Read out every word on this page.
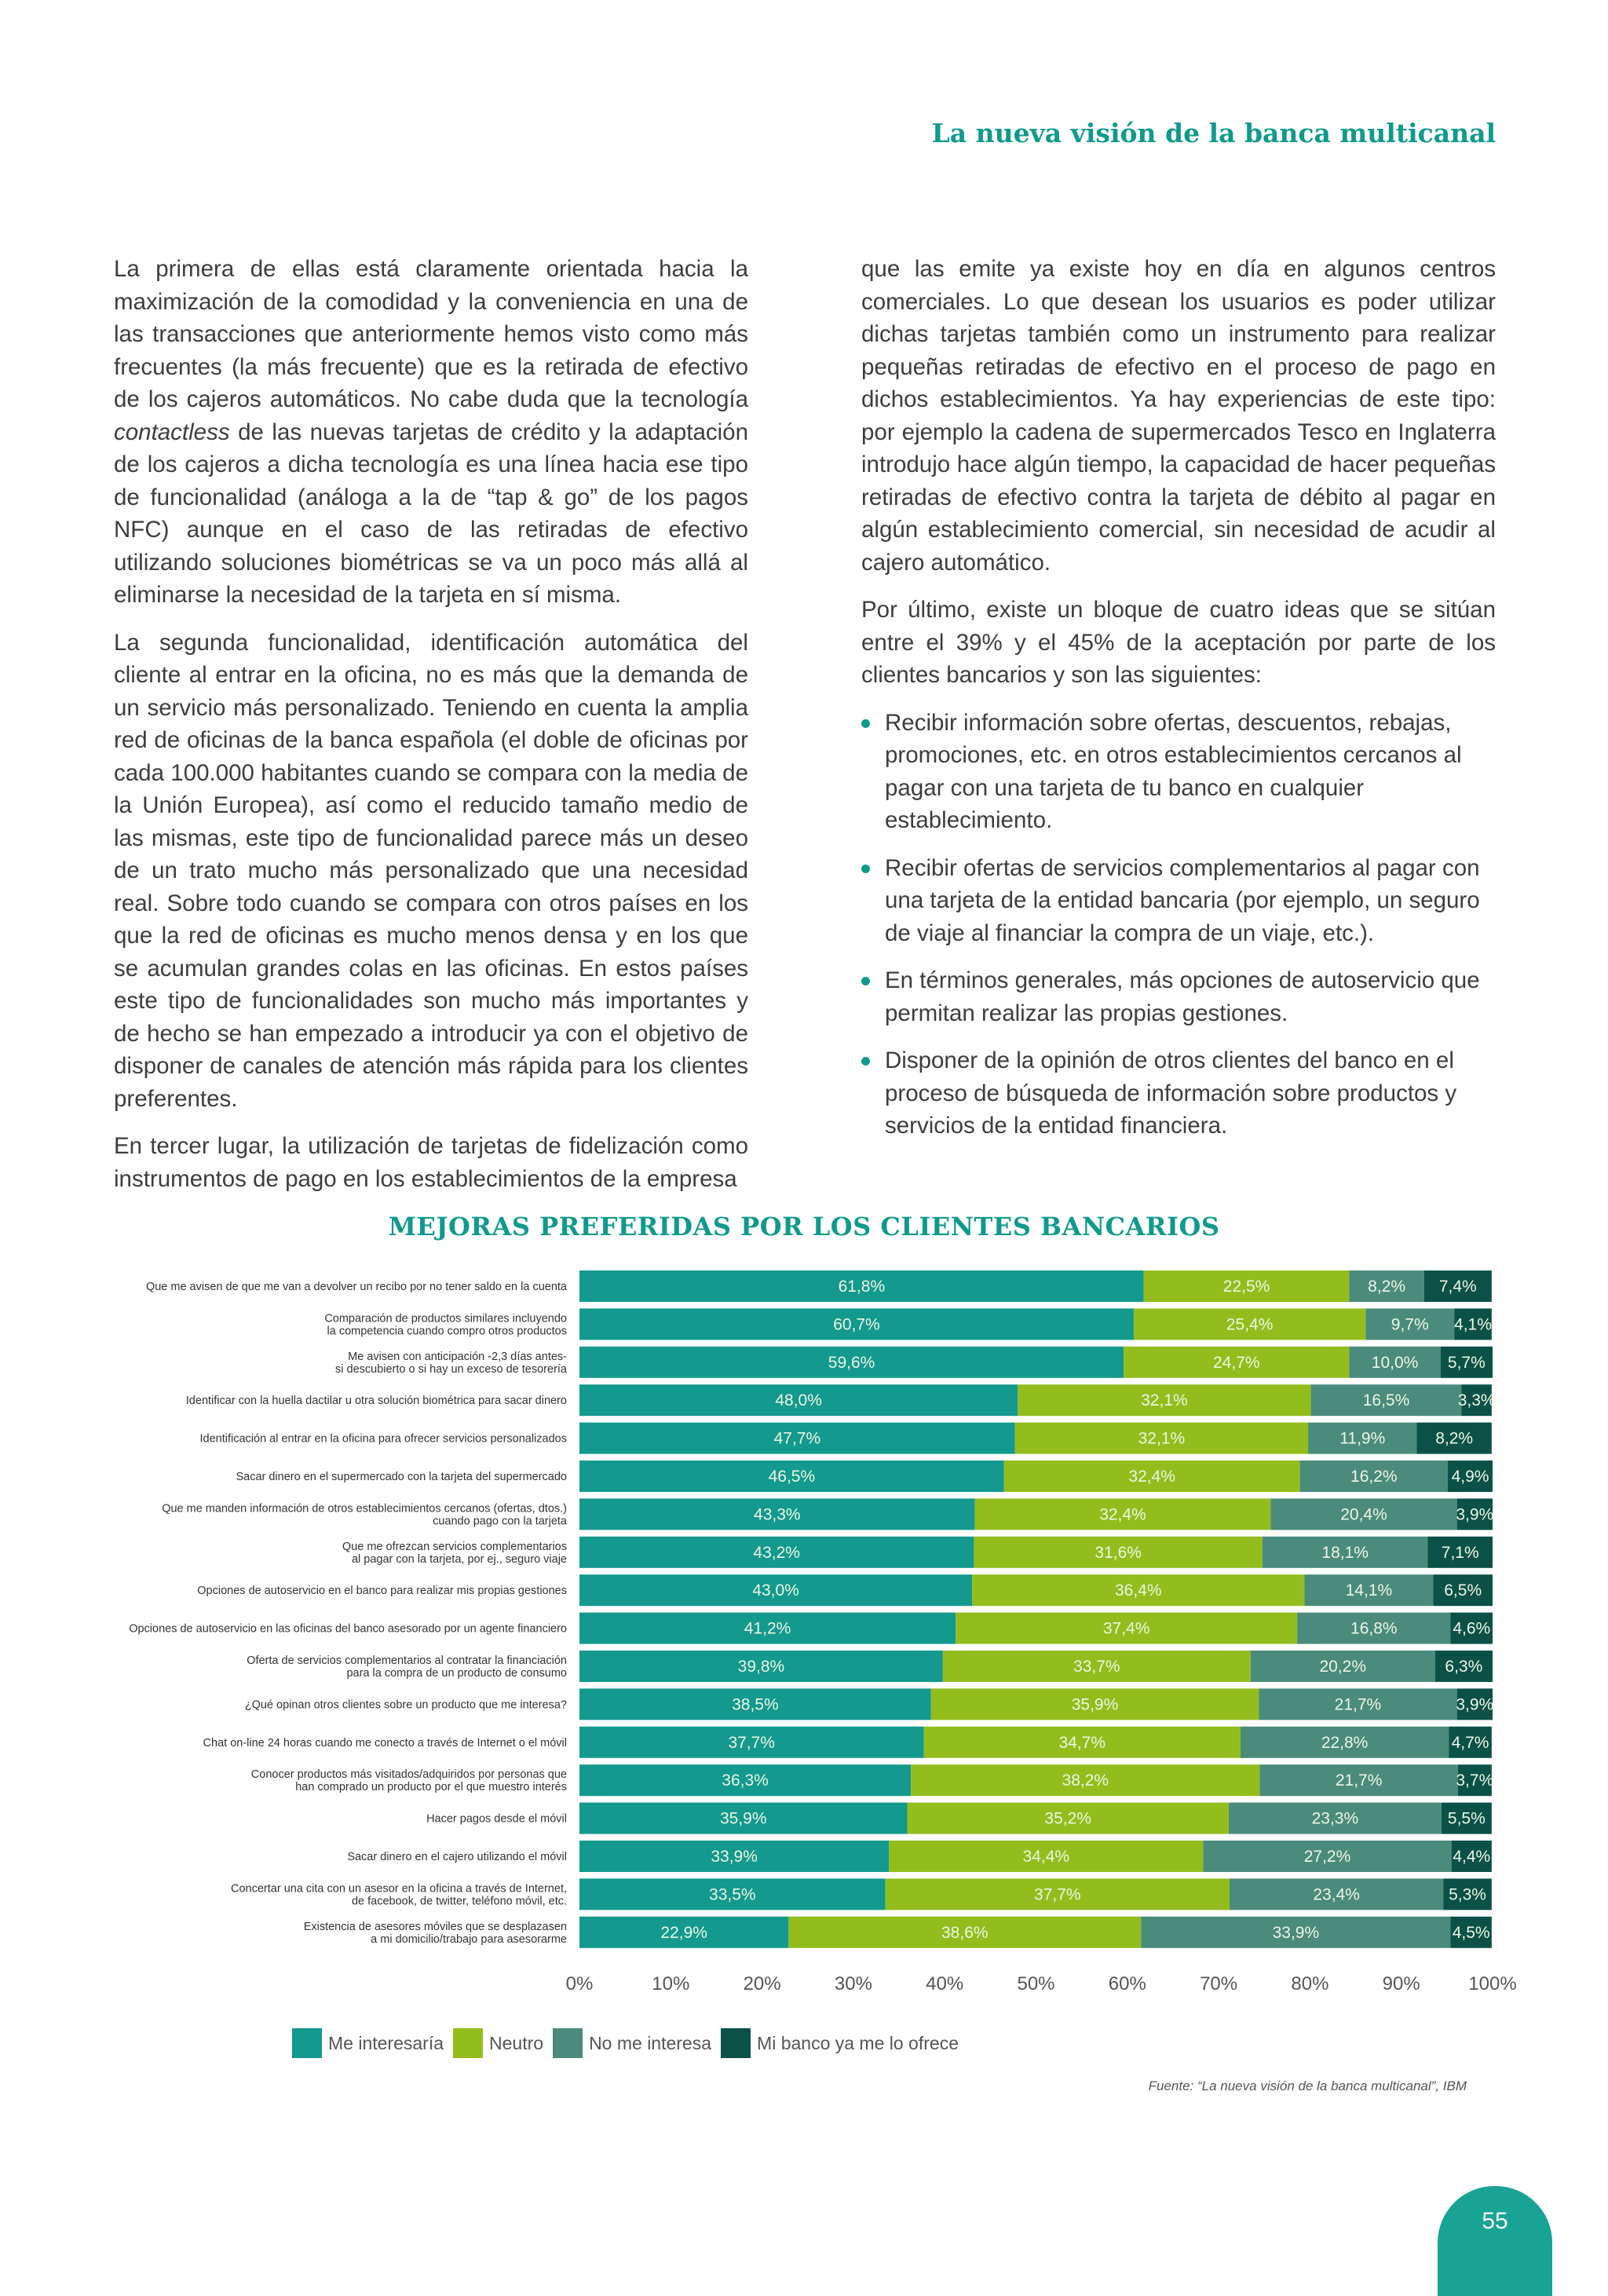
La nueva visión de la banca multicanal

La primera de ellas está claramente orientada hacia la maximización de la comodidad y la conveniencia en una de las transacciones que anteriormente hemos visto como más frecuentes (la más frecuente) que es la retirada de efectivo de los cajeros automáticos. No cabe duda que la tecnología contactless de las nuevas tarjetas de crédito y la adaptación de los cajeros a dicha tecnología es una línea hacia ese tipo de funcionalidad (análoga a la de “tap & go” de los pagos NFC) aunque en el caso de las retiradas de efectivo utilizando soluciones biométricas se va un poco más allá al eliminarse la necesidad de la tarjeta en sí misma.

La segunda funcionalidad, identificación automática del cliente al entrar en la oficina, no es más que la demanda de un servicio más personalizado. Teniendo en cuenta la amplia red de oficinas de la banca española (el doble de oficinas por cada 100.000 habitantes cuando se compara con la media de la Unión Europea), así como el reducido tamaño medio de las mismas, este tipo de funcionalidad parece más un deseo de un trato mucho más personalizado que una necesidad real. Sobre todo cuando se compara con otros países en los que la red de oficinas es mucho menos densa y en los que se acumulan grandes colas en las oficinas. En estos países este tipo de funcionalidades son mucho más importantes y de hecho se han empezado a introducir ya con el objetivo de disponer de canales de atención más rápida para los clientes preferentes.

En tercer lugar, la utilización de tarjetas de fidelización como instrumentos de pago en los establecimientos de la empresa

que las emite ya existe hoy en día en algunos centros comerciales. Lo que desean los usuarios es poder utilizar dichas tarjetas también como un instrumento para realizar pequeñas retiradas de efectivo en el proceso de pago en dichos establecimientos. Ya hay experiencias de este tipo: por ejemplo la cadena de supermercados Tesco en Inglaterra introdujo hace algún tiempo, la capacidad de hacer pequeñas retiradas de efectivo contra la tarjeta de débito al pagar en algún establecimiento comercial, sin necesidad de acudir al cajero automático.

Por último, existe un bloque de cuatro ideas que se sitúan entre el 39% y el 45% de la aceptación por parte de los clientes bancarios y son las siguientes:

Recibir información sobre ofertas, descuentos, rebajas, promociones, etc. en otros establecimientos cercanos al pagar con una tarjeta de tu banco en cualquier establecimiento.
Recibir ofertas de servicios complementarios al pagar con una tarjeta de la entidad bancaria (por ejemplo, un seguro de viaje al financiar la compra de un viaje, etc.).
En términos generales, más opciones de autoservicio que permitan realizar las propias gestiones.
Disponer de la opinión de otros clientes del banco en el proceso de búsqueda de información sobre productos y servicios de la entidad financiera.
MEJORAS PREFERIDAS POR LOS CLIENTES BANCARIOS
Que me avisen de que me van a devolver un recibo por no tener saldo en la cuenta	61,8%	22,5%	8,2% 7,4%
Comparación de productos similares incluyendo la competencia cuando compro otros productos	60,7%	25,4%	9,7% 4,1%
Me avisen con anticipación -2,3 días antes-si descubierto o si hay un exceso de tesorería	59,6%	24,7%	10,0% 5,7%
Identificar con la huella dactilar u otra solución biométrica para sacar dinero	48,0%	32,1%	16,5%	3,3%
Identificación al entrar en la oficina para ofrecer servicios personalizados	47,7%	32,1%	11,9%	8,2%
Sacar dinero en el supermercado con la tarjeta del supermercado	46,5%	32,4%	16,2%	4,9%
Que me manden información de otros establecimientos cercanos (ofertas, dtos.) cuando pago con la tarjeta	43,3%	32,4%	20,4%	3,9%
Que me ofrezcan servicios complementarios al pagar con la tarjeta, por ej., seguro viaje	43,2%	31,6%	18,1%	7,1%
Opciones de autoservicio en el banco para realizar mis propias gestiones	43,0%	36,4%	14,1%	6,5%
Opciones de autoservicio en las oficinas del banco asesorado por un agente financiero	41,2%	37,4%	16,8%	4,6%
Oferta de servicios complementarios al contratar la financiación para la compra de un producto de consumo	39,8%	33,7%	20,2%	6,3%
¿Qué opinan otros clientes sobre un producto que me interesa?	38,5%	35,9%	21,7%	3,9%
Chat on-line 24 horas cuando me conecto a través de Internet o el móvil	37,7%	34,7%	22,8%	4,7%
Conocer productos más visitados/adquiridos por personas que han comprado un producto por el que muestro interés	36,3%	38,2%	21,7%	3,7%
Hacer pagos desde el móvil	35,9%	35,2%	23,3%	5,5%
Sacar dinero en el cajero utilizando el móvil	33,9%	34,4%	27,2%	4,4%
Concertar una cita con un asesor en la oficina a través de Internet, de facebook, de twitter, teléfono móvil, etc.	33,5%	37,7%	23,4%	5,3%
Existencia de asesores móviles que se desplazasen a mi domicilio/trabajo para asesorarme	22,9%	38,6%	33,9%	4,5%
0%	10%	20%	30%	40%	50%	60%	70%	80%	90%	100%
Me interesaría	Neutro	No me interesa	Mi banco ya me lo ofrece
Fuente: “La nueva visión de la banca multicanal”, IBM
55
